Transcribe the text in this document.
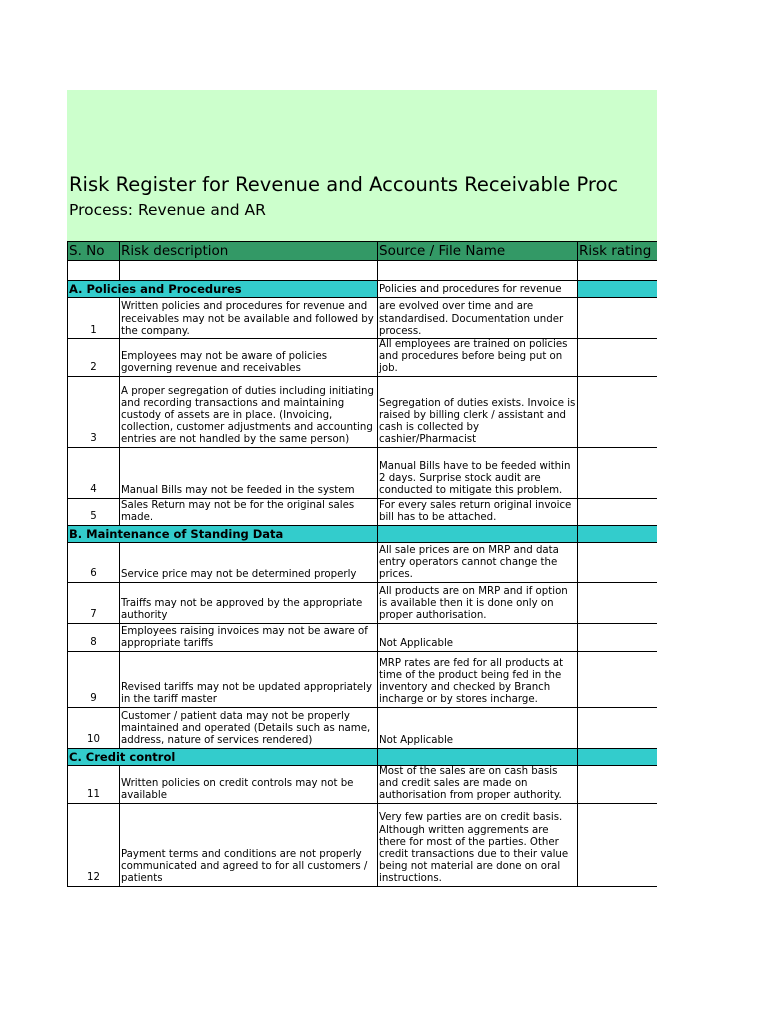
Risk Register for Revenue and Accounts Receivable Proc
Process: Revenue and AR
S. No	Risk description	Source / File Name	Risk rating

A. Policies and Procedures		Policies and procedures for revenue	
1	Written policies and procedures for revenue and receivables may not be available and followed by the company.	are evolved over time and are standardised. Documentation under process.	
2	Employees may not be aware of policies governing revenue and receivables	All employees are trained on policies and procedures before being put on job.	
3	A proper segregation of duties including initiating and recording transactions and maintaining custody of assets are in place. (Invoicing, collection, customer adjustments and accounting entries are not handled by the same person)	Segregation of duties exists. Invoice is raised by billing clerk / assistant and cash is collected by cashier/Pharmacist	
4	Manual Bills may not be feeded in the system	Manual Bills have to be feeded within 2 days. Surprise stock audit are conducted to mitigate this problem.	
5	Sales Return may not be for the original sales made.	For every sales return original invoice bill has to be attached.	

B. Maintenance of Standing Data			

6	Service price may not be determined properly	All sale prices are on MRP and data entry operators cannot change the prices.	
7	Traiffs may not be approved by the appropriate authority	All products are on MRP and if option is available then it is done only on proper authorisation.	
8	Employees raising invoices may not be aware of appropriate tariffs	Not Applicable	
9	Revised tariffs may not be updated appropriately in the tariff master	MRP rates are fed for all products at time of the product being fed in the inventory and checked by Branch incharge or by stores incharge.	
10	Customer / patient data may not be properly maintained and operated (Details such as name, address, nature of services rendered)	Not Applicable	

C. Credit control			

11	Written policies on credit controls may not be available	Most of the sales are on cash basis and credit sales are made on authorisation from proper authority.	
12	Payment terms and conditions are not properly communicated and agreed to for all customers / patients	Very few parties are on credit basis. Although written aggrements are there for most of the parties. Other credit transactions due to their value being not material are done on oral instructions.	
